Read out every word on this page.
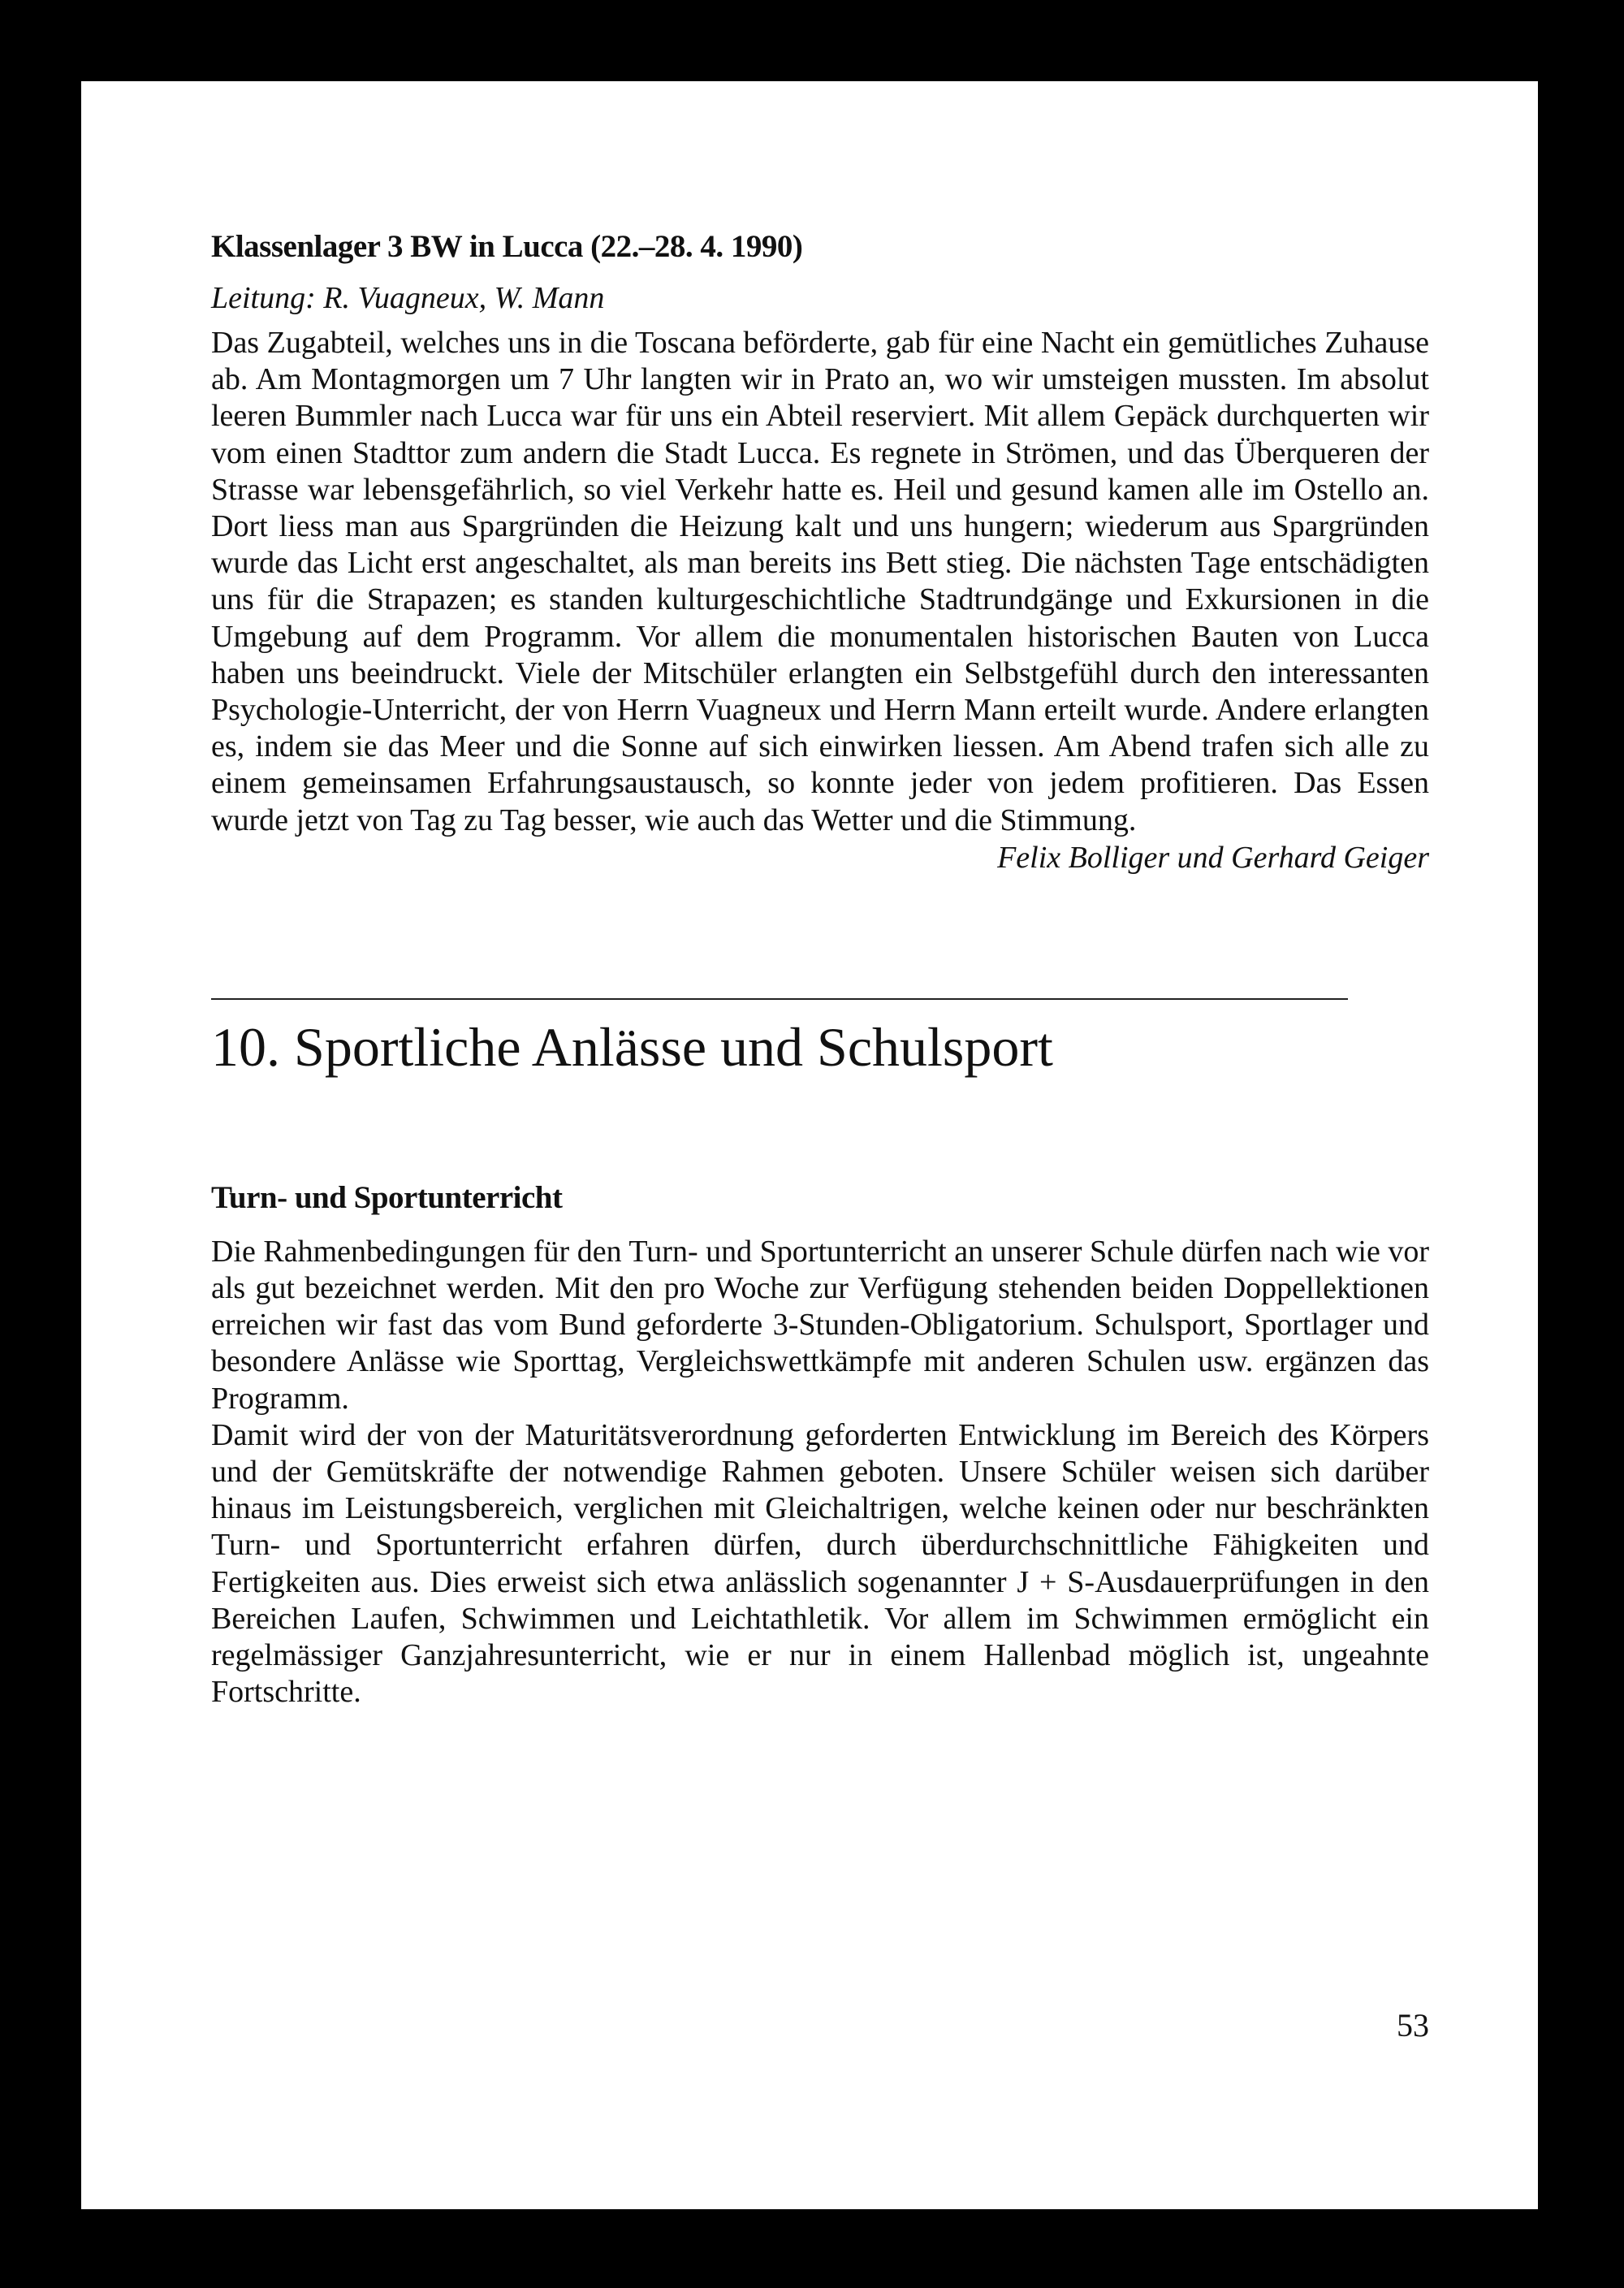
Klassenlager 3 BW in Lucca (22.–28. 4. 1990)

Leitung: R. Vuagneux, W. Mann

Das Zugabteil, welches uns in die Toscana beförderte, gab für eine Nacht ein gemütliches Zuhause ab. Am Montagmorgen um 7 Uhr langten wir in Prato an, wo wir umsteigen mussten. Im absolut leeren Bummler nach Lucca war für uns ein Abteil reserviert. Mit allem Gepäck durchquerten wir vom einen Stadttor zum andern die Stadt Lucca. Es regnete in Strömen, und das Überqueren der Strasse war lebensgefährlich, so viel Verkehr hatte es. Heil und gesund kamen alle im Ostello an. Dort liess man aus Spargründen die Heizung kalt und uns hungern; wiederum aus Spargründen wurde das Licht erst angeschaltet, als man bereits ins Bett stieg. Die nächsten Tage entschädigten uns für die Strapazen; es standen kulturgeschichtliche Stadtrundgänge und Exkursionen in die Umgebung auf dem Programm. Vor allem die monumentalen historischen Bauten von Lucca haben uns beeindruckt. Viele der Mitschüler erlangten ein Selbstgefühl durch den interessanten Psychologie-Unterricht, der von Herrn Vuagneux und Herrn Mann erteilt wurde. Andere erlangten es, indem sie das Meer und die Sonne auf sich einwirken liessen. Am Abend trafen sich alle zu einem gemeinsamen Erfahrungsaustausch, so konnte jeder von jedem profitieren. Das Essen wurde jetzt von Tag zu Tag besser, wie auch das Wetter und die Stimmung.

Felix Bolliger und Gerhard Geiger

10. Sportliche Anlässe und Schulsport
Turn- und Sportunterricht

Die Rahmenbedingungen für den Turn- und Sportunterricht an unserer Schule dürfen nach wie vor als gut bezeichnet werden. Mit den pro Woche zur Verfügung stehenden beiden Doppellektionen erreichen wir fast das vom Bund geforderte 3-Stunden-Obligatorium. Schulsport, Sportlager und besondere Anlässe wie Sporttag, Vergleichswettkämpfe mit anderen Schulen usw. ergänzen das Programm.

Damit wird der von der Maturitätsverordnung geforderten Entwicklung im Bereich des Körpers und der Gemütskräfte der notwendige Rahmen geboten. Unsere Schüler weisen sich darüber hinaus im Leistungsbereich, verglichen mit Gleichaltrigen, welche keinen oder nur beschränkten Turn- und Sportunterricht erfahren dürfen, durch überdurchschnittliche Fähigkeiten und Fertigkeiten aus. Dies erweist sich etwa anlässlich sogenannter J + S-Ausdauerprüfungen in den Bereichen Laufen, Schwimmen und Leichtathletik. Vor allem im Schwimmen ermöglicht ein regelmässiger Ganzjahresunterricht, wie er nur in einem Hallenbad möglich ist, ungeahnte Fortschritte.

53
